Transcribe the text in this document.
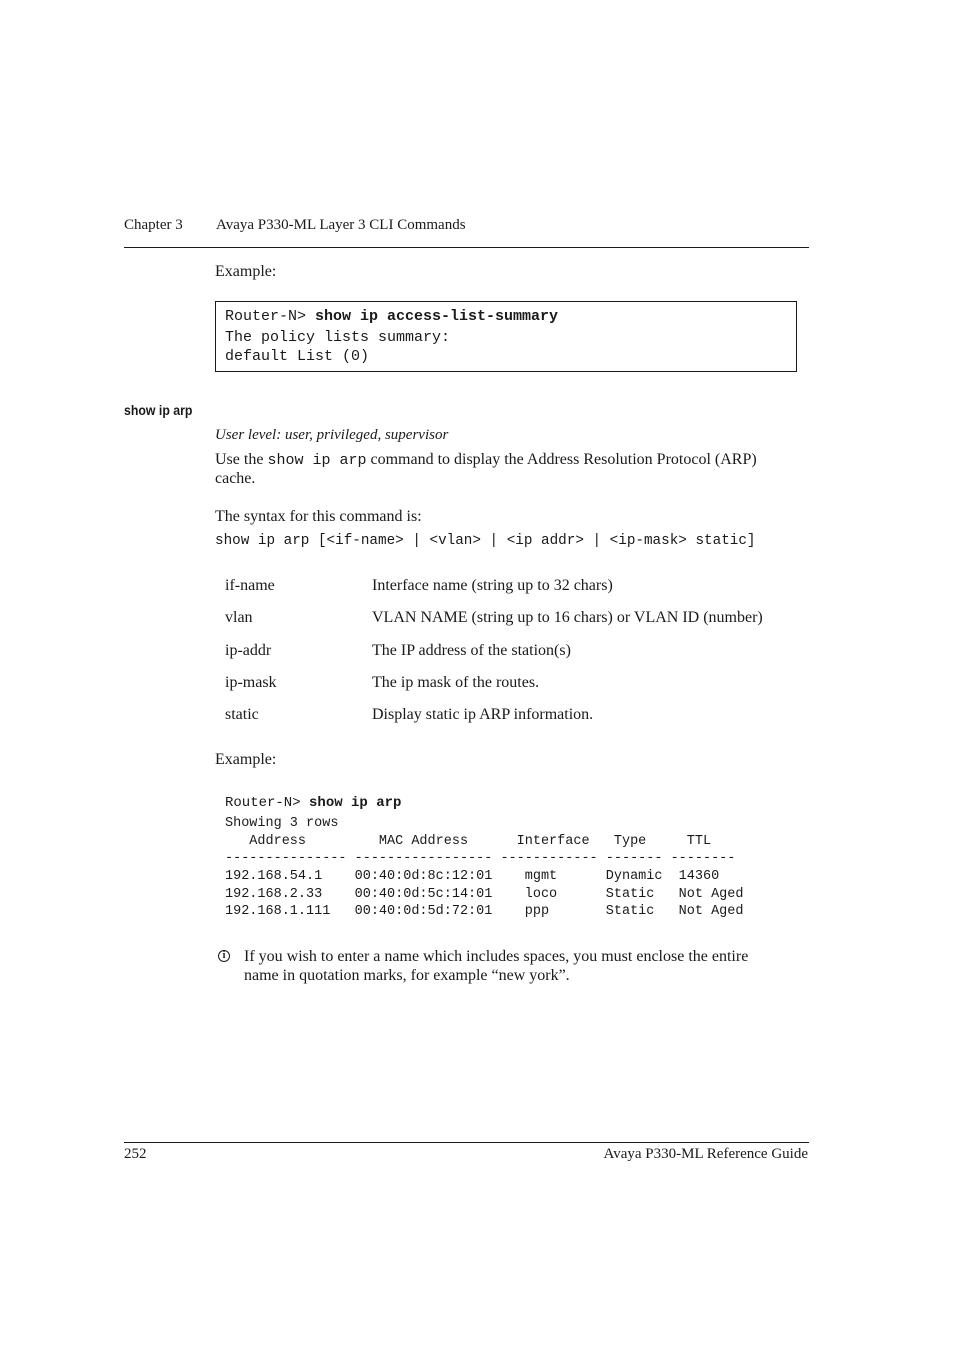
Chapter 3 Avaya P330-ML Layer 3 CLI Commands
Example:
Router-N> show ip access-list-summary
The policy lists summary:
default List (0)
show ip arp
User level: user, privileged, supervisor
Use the show ip arp command to display the Address Resolution Protocol (ARP)
cache.
The syntax for this command is:
show ip arp [<if-name> | <vlan> | <ip addr> | <ip-mask> static]
if-name	Interface name (string up to 32 chars)
vlan	VLAN NAME (string up to 16 chars) or VLAN ID (number)
ip-addr	The IP address of the station(s)
ip-mask	The ip mask of the routes.
static	Display static ip ARP information.
Example:
Router-N> show ip arp
Showing 3 rows
Address         MAC Address      Interface   Type     TTL
--------------- ----------------- ------------ ------- --------
192.168.54.1    00:40:0d:8c:12:01    mgmt      Dynamic  14360
192.168.2.33    00:40:0d:5c:14:01    loco      Static   Not Aged
192.168.1.111   00:40:0d:5d:72:01    ppp       Static   Not Aged
i If you wish to enter a name which includes spaces, you must enclose the entire
name in quotation marks, for example “new york”.
252	Avaya P330-ML Reference Guide
